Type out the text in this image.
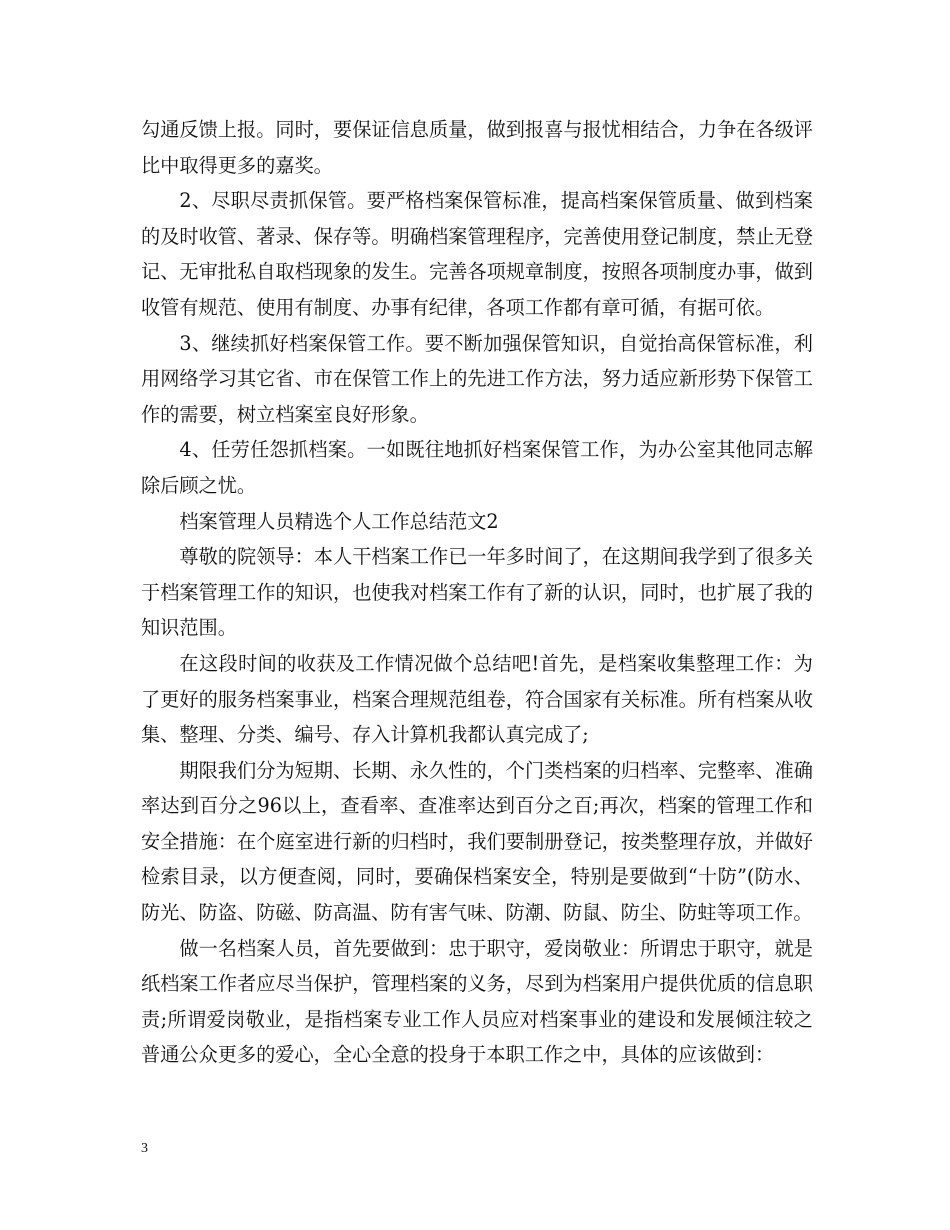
勾通反馈上报。同时，要保证信息质量，做到报喜与报忧相结合，力争在各级评比中取得更多的嘉奖。

2、尽职尽责抓保管。要严格档案保管标准，提高档案保管质量、做到档案的及时收管、著录、保存等。明确档案管理程序，完善使用登记制度，禁止无登记、无审批私自取档现象的发生。完善各项规章制度，按照各项制度办事，做到收管有规范、使用有制度、办事有纪律，各项工作都有章可循，有据可依。

3、继续抓好档案保管工作。要不断加强保管知识，自觉抬高保管标准，利用网络学习其它省、市在保管工作上的先进工作方法，努力适应新形势下保管工作的需要，树立档案室良好形象。

4、任劳任怨抓档案。一如既往地抓好档案保管工作，为办公室其他同志解除后顾之忧。

档案管理人员精选个人工作总结范文2

尊敬的院领导：本人干档案工作已一年多时间了，在这期间我学到了很多关于档案管理工作的知识，也使我对档案工作有了新的认识，同时，也扩展了我的知识范围。

在这段时间的收获及工作情况做个总结吧!首先，是档案收集整理工作：为了更好的服务档案事业，档案合理规范组卷，符合国家有关标准。所有档案从收集、整理、分类、编号、存入计算机我都认真完成了;

期限我们分为短期、长期、永久性的，个门类档案的归档率、完整率、准确率达到百分之96以上，查看率、查准率达到百分之百;再次，档案的管理工作和安全措施：在个庭室进行新的归档时，我们要制册登记，按类整理存放，并做好检索目录，以方便查阅，同时，要确保档案安全，特别是要做到“十防”(防水、防光、防盗、防磁、防高温、防有害气味、防潮、防鼠、防尘、防蛀等项工作。

做一名档案人员，首先要做到：忠于职守，爱岗敬业：所谓忠于职守，就是纸档案工作者应尽当保护，管理档案的义务，尽到为档案用户提供优质的信息职责;所谓爱岗敬业，是指档案专业工作人员应对档案事业的建设和发展倾注较之普通公众更多的爱心，全心全意的投身于本职工作之中，具体的应该做到：

3
